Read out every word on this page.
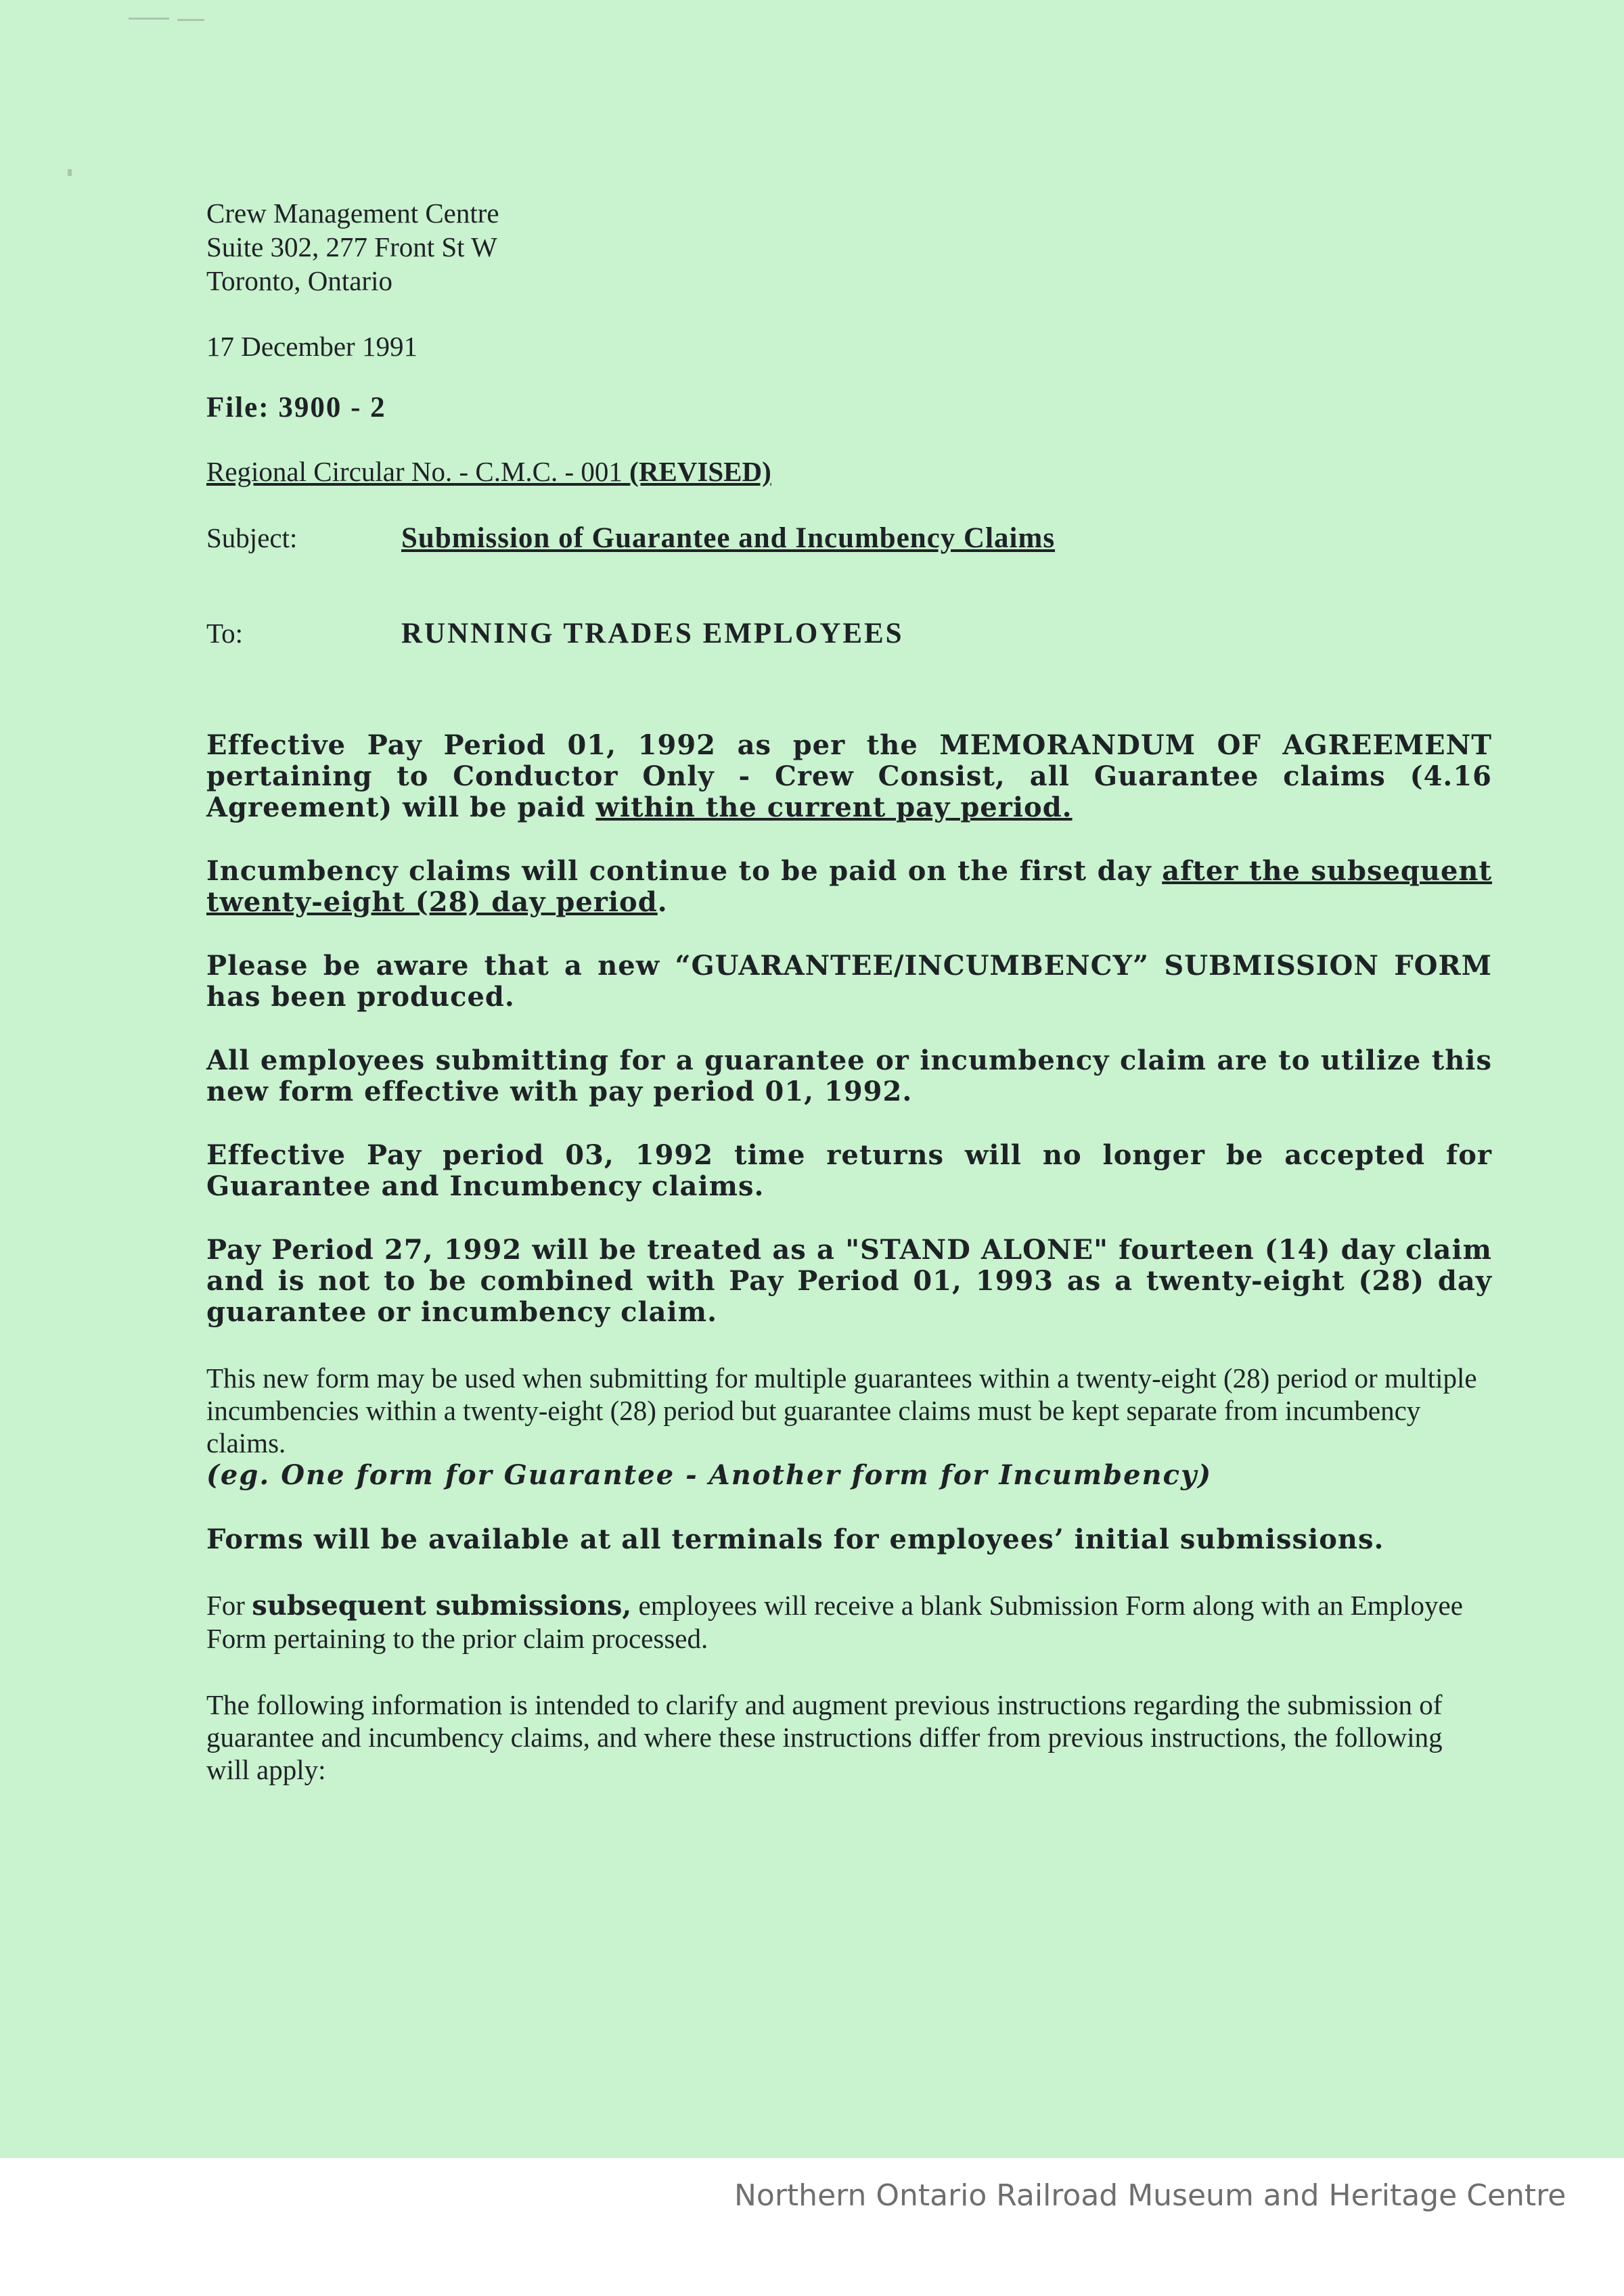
Crew Management Centre
Suite 302, 277 Front St W
Toronto, Ontario
17 December 1991
File: 3900 - 2
Regional Circular No. - C.M.C. - 001 (REVISED)
Subject:	Submission of Guarantee and Incumbency Claims
To:	RUNNING TRADES EMPLOYEES

Effective Pay Period 01, 1992 as per the MEMORANDUM OF AGREEMENT pertaining to Conductor Only - Crew Consist, all Guarantee claims (4.16 Agreement) will be paid within the current pay period.

Incumbency claims will continue to be paid on the first day after the subsequent twenty-eight (28) day period.

Please be aware that a new “GUARANTEE/INCUMBENCY” SUBMISSION FORM has been produced.

All employees submitting for a guarantee or incumbency claim are to utilize this new form effective with pay period 01, 1992.

Effective Pay period 03, 1992 time returns will no longer be accepted for Guarantee and Incumbency claims.

Pay Period 27, 1992 will be treated as a "STAND ALONE" fourteen (14) day claim and is not to be combined with Pay Period 01, 1993 as a twenty-eight (28) day guarantee or incumbency claim.

This new form may be used when submitting for multiple guarantees within a twenty-eight (28) period or multiple incumbencies within a twenty-eight (28) period but guarantee claims must be kept separate from incumbency claims.

(eg. One form for Guarantee - Another form for Incumbency)

Forms will be available at all terminals for employees’ initial submissions.

For subsequent submissions, employees will receive a blank Submission Form along with an Employee Form pertaining to the prior claim processed.

The following information is intended to clarify and augment previous instructions regarding the submission of guarantee and incumbency claims, and where these instructions differ from previous instructions, the following will apply:

Northern Ontario Railroad Museum and Heritage Centre
